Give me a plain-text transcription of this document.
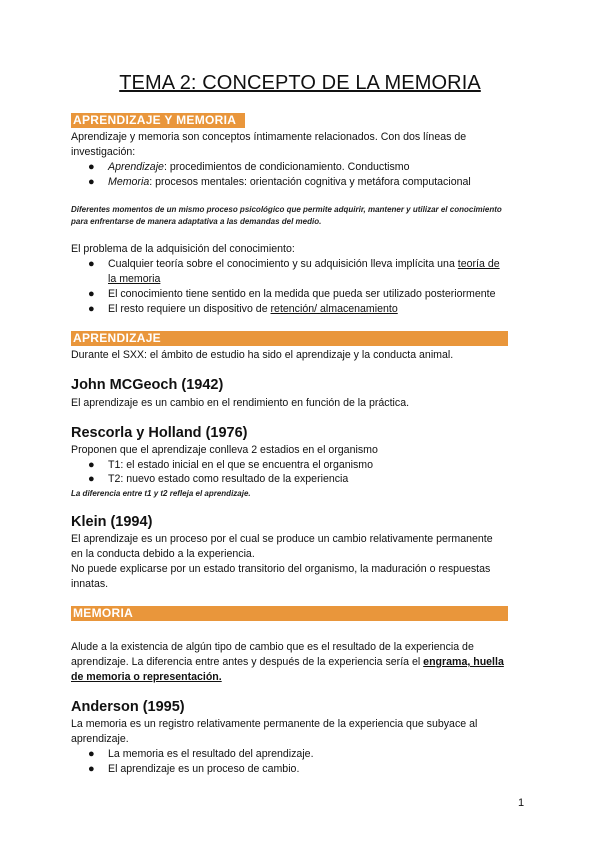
TEMA 2: CONCEPTO DE LA MEMORIA
APRENDIZAJE Y MEMORIA
Aprendizaje y memoria son conceptos íntimamente relacionados. Con dos líneas de
investigación:
● Aprendizaje: procedimientos de condicionamiento. Conductismo
● Memoria: procesos mentales: orientación cognitiva y metáfora computacional
Diferentes momentos de un mismo proceso psicológico que permite adquirir, mantener y utilizar el conocimiento
para enfrentarse de manera adaptativa a las demandas del medio.
El problema de la adquisición del conocimiento:
● Cualquier teoría sobre el conocimiento y su adquisición lleva implícita una teoría de
la memoria
● El conocimiento tiene sentido en la medida que pueda ser utilizado posteriormente
● El resto requiere un dispositivo de retención/ almacenamiento
APRENDIZAJE
Durante el SXX: el ámbito de estudio ha sido el aprendizaje y la conducta animal.
John MCGeoch (1942)
El aprendizaje es un cambio en el rendimiento en función de la práctica.
Rescorla y Holland (1976)
Proponen que el aprendizaje conlleva 2 estadios en el organismo
● T1: el estado inicial en el que se encuentra el organismo
● T2: nuevo estado como resultado de la experiencia
La diferencia entre t1 y t2 refleja el aprendizaje.
Klein (1994)
El aprendizaje es un proceso por el cual se produce un cambio relativamente permanente
en la conducta debido a la experiencia.
No puede explicarse por un estado transitorio del organismo, la maduración o respuestas
innatas.
MEMORIA
Alude a la existencia de algún tipo de cambio que es el resultado de la experiencia de
aprendizaje. La diferencia entre antes y después de la experiencia sería el engrama, huella
de memoria o representación.
Anderson (1995)
La memoria es un registro relativamente permanente de la experiencia que subyace al
aprendizaje.
● La memoria es el resultado del aprendizaje.
● El aprendizaje es un proceso de cambio.
1
